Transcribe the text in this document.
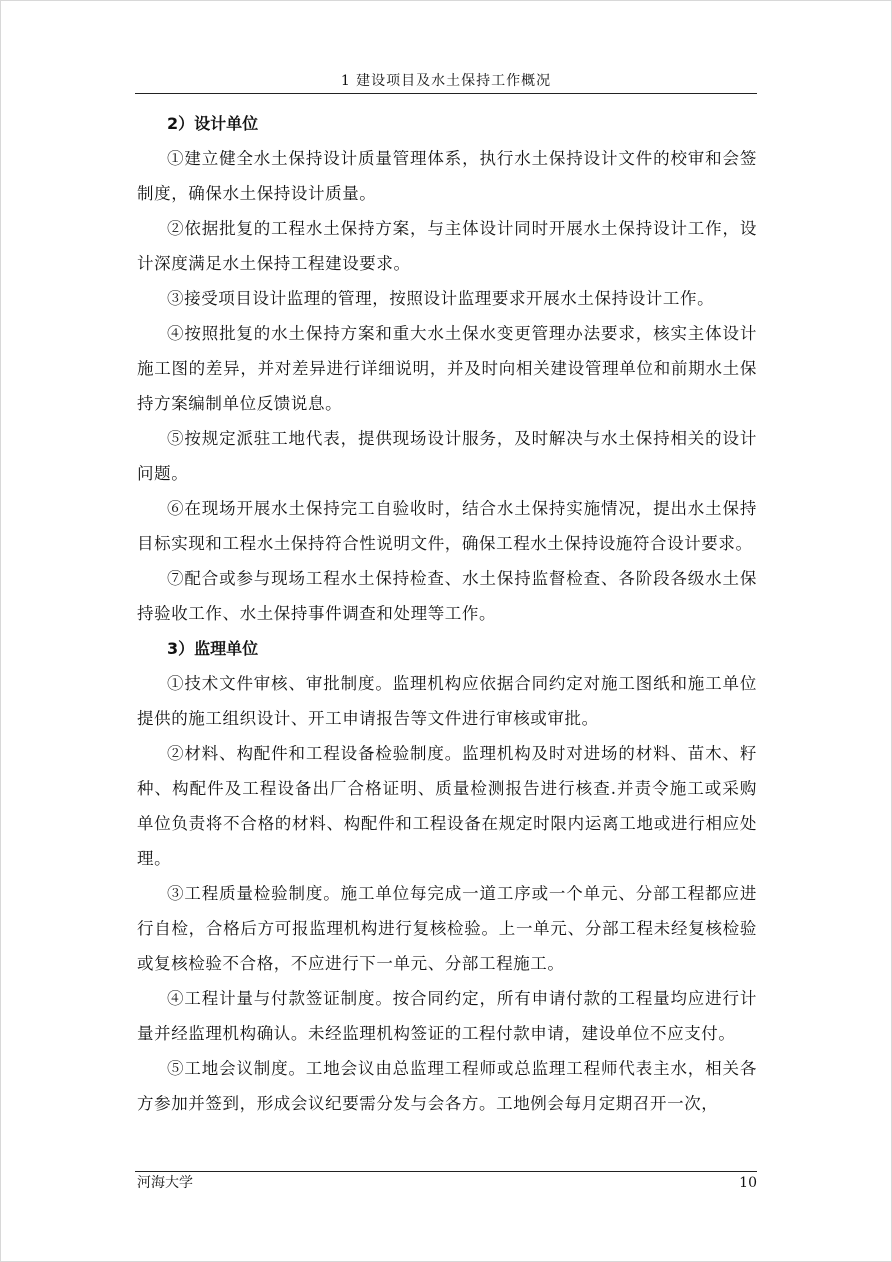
1 建设项目及水土保持工作概况
2）设计单位

①建立健全水土保持设计质量管理体系，执行水土保持设计文件的校审和会签制度，确保水土保持设计质量。

②依据批复的工程水土保持方案，与主体设计同时开展水土保持设计工作，设计深度满足水土保持工程建设要求。

③接受项目设计监理的管理，按照设计监理要求开展水土保持设计工作。

④按照批复的水土保持方案和重大水土保水变更管理办法要求，核实主体设计施工图的差异，并对差异进行详细说明，并及时向相关建设管理单位和前期水土保持方案编制单位反馈说息。

⑤按规定派驻工地代表，提供现场设计服务，及时解决与水土保持相关的设计问题。

⑥在现场开展水土保持完工自验收时，结合水土保持实施情况，提出水土保持目标实现和工程水土保持符合性说明文件，确保工程水土保持设施符合设计要求。

⑦配合或参与现场工程水土保持检查、水土保持监督检查、各阶段各级水土保持验收工作、水土保持事件调查和处理等工作。

3）监理单位

①技术文件审核、审批制度。监理机构应依据合同约定对施工图纸和施工单位提供的施工组织设计、开工申请报告等文件进行审核或审批。

②材料、构配件和工程设备检验制度。监理机构及时对进场的材料、苗木、籽种、构配件及工程设备出厂合格证明、质量检测报告进行核查.并责令施工或采购单位负责将不合格的材料、构配件和工程设备在规定时限内运离工地或进行相应处理。

③工程质量检验制度。施工单位每完成一道工序或一个单元、分部工程都应进行自检，合格后方可报监理机构进行复核检验。上一单元、分部工程未经复核检验或复核检验不合格，不应进行下一单元、分部工程施工。

④工程计量与付款签证制度。按合同约定，所有申请付款的工程量均应进行计量并经监理机构确认。未经监理机构签证的工程付款申请，建设单位不应支付。

⑤工地会议制度。工地会议由总监理工程师或总监理工程师代表主水，相关各方参加并签到，形成会议纪要需分发与会各方。工地例会每月定期召开一次，

河海大学	10
